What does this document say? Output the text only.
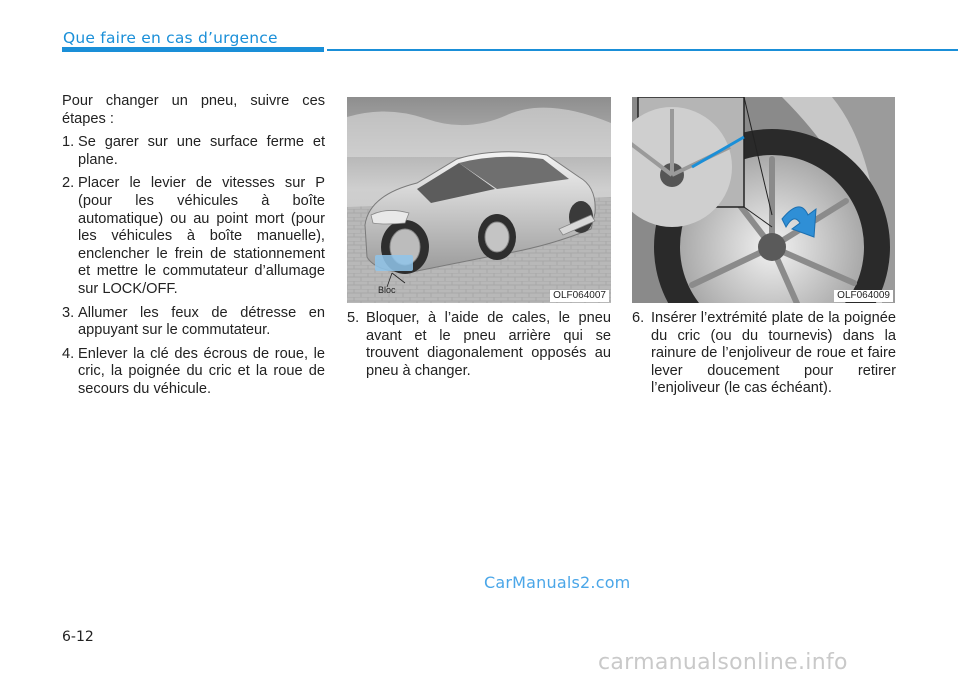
Que faire en cas d’urgence

Pour changer un pneu, suivre ces étapes :

1. Se garer sur une surface ferme et plane.
2. Placer le levier de vitesses sur P (pour les véhicules à boîte automatique) ou au point mort (pour les véhicules à boîte manuelle), enclencher le frein de stationnement et mettre le commutateur d’allumage sur LOCK/OFF.
3. Allumer les feux de détresse en appuyant sur le commutateur.
4. Enlever la clé des écrous de roue, le cric, la poignée du cric et la roue de secours du véhicule.
Bloc	OLF064007
5. Bloquer, à l’aide de cales, le pneu avant et le pneu arrière qui se trouvent diagonalement opposés au pneu à changer.
OLF064009
6. Insérer l’extrémité plate de la poignée du cric (ou du tournevis) dans la rainure de l’enjoliveur de roue et faire lever doucement pour retirer l’enjoliveur (le cas échéant).
CarManuals2.com
6-12
carmanualsonline.info
